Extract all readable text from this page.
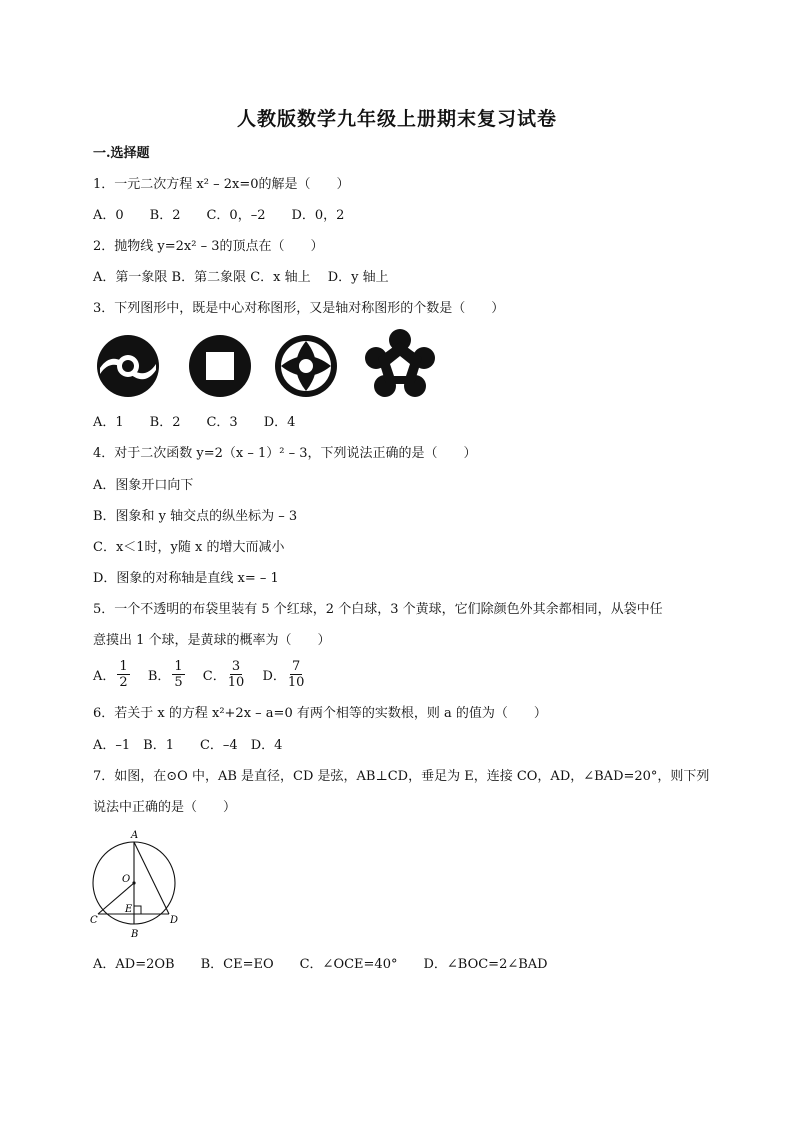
人教版数学九年级上册期末复习试卷
一.选择题
1．一元二次方程 x² – 2x=0的解是（　　）
A．0　　B．2　　C．0，–2　　D．0，2
2．抛物线 y=2x² – 3的顶点在（　　）
A．第一象限 B．第二象限 C．x 轴上　 D．y 轴上
3．下列图形中，既是中心对称图形，又是轴对称图形的个数是（　　）
A．1　　B．2　　C．3　　D．4
4．对于二次函数 y=2（x – 1）² – 3，下列说法正确的是（　　）
A．图象开口向下
B．图象和 y 轴交点的纵坐标为 – 3
C．x＜1时，y随 x 的增大而减小
D．图象的对称轴是直线 x= – 1
5．一个不透明的布袋里装有 5 个红球，2 个白球，3 个黄球，它们除颜色外其余都相同，从袋中任
意摸出 1 个球，是黄球的概率为（　　）
A． $\frac{1}{2}$
B． $\frac{1}{5}$
C． $\frac{3}{10}$
D． $\frac{7}{10}$
6．若关于 x 的方程 x²+2x – a=0 有两个相等的实数根，则 a 的值为（　　）
A．–1　B．1　　C．–4　D．4
7．如图，在⊙O 中，AB 是直径，CD 是弦，AB⊥CD，垂足为 E，连接 CO，AD，∠BAD=20°，则下列
说法中正确的是（　　）
A
O
E
C	D
B
A．AD=2OB　　B．CE=EO　　C．∠OCE=40°　　D．∠BOC=2∠BAD
